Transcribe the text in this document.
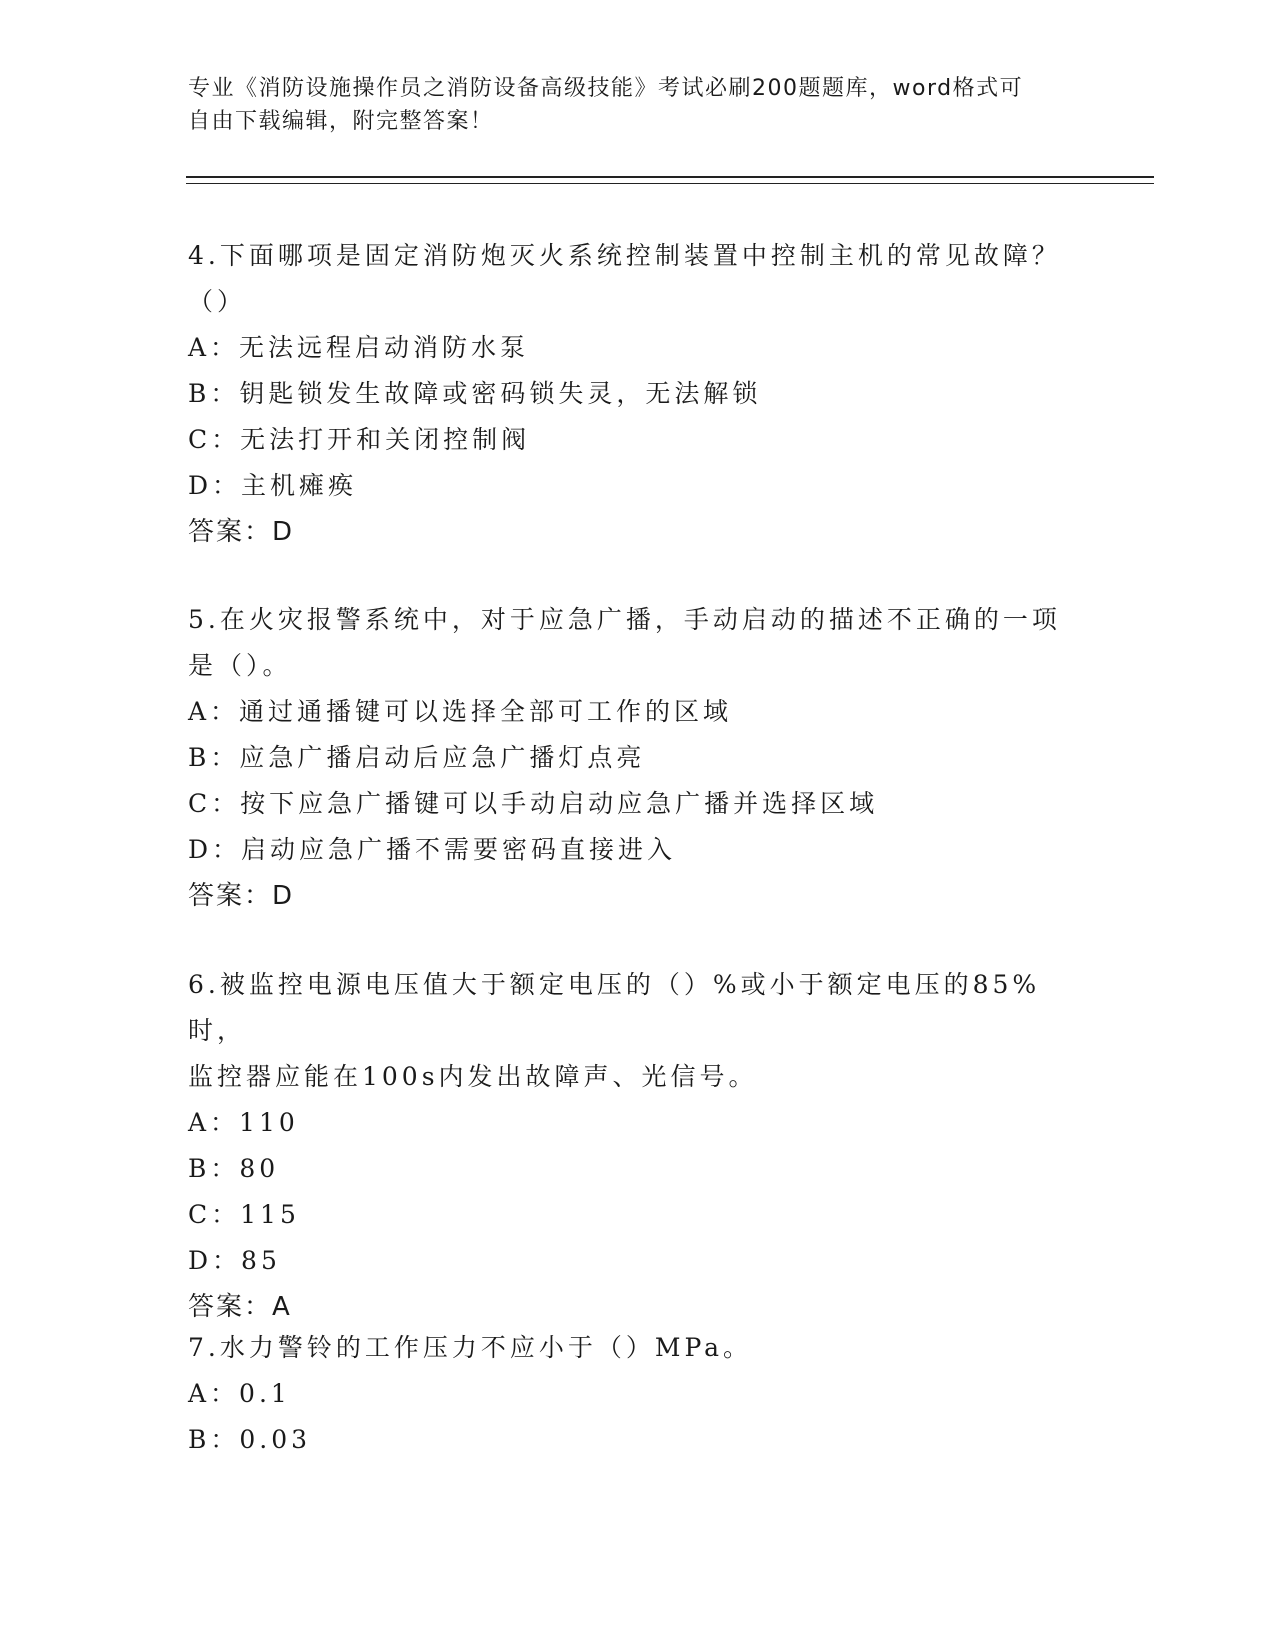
专业《消防设施操作员之消防设备高级技能》考试必刷200题题库，word格式可
自由下载编辑，附完整答案！

4.下面哪项是固定消防炮灭火系统控制装置中控制主机的常见故障？

（）

A：无法远程启动消防水泵

B：钥匙锁发生故障或密码锁失灵，无法解锁

C：无法打开和关闭控制阀

D：主机瘫痪

答案：D

5.在火灾报警系统中，对于应急广播，手动启动的描述不正确的一项

是（）。

A：通过通播键可以选择全部可工作的区域

B：应急广播启动后应急广播灯点亮

C：按下应急广播键可以手动启动应急广播并选择区域

D：启动应急广播不需要密码直接进入

答案：D

6.被监控电源电压值大于额定电压的（）%或小于额定电压的85%时，

监控器应能在100s内发出故障声、光信号。

A：110

B：80

C：115

D：85

答案：A

7.水力警铃的工作压力不应小于（）MPa。

A：0.1

B：0.03
